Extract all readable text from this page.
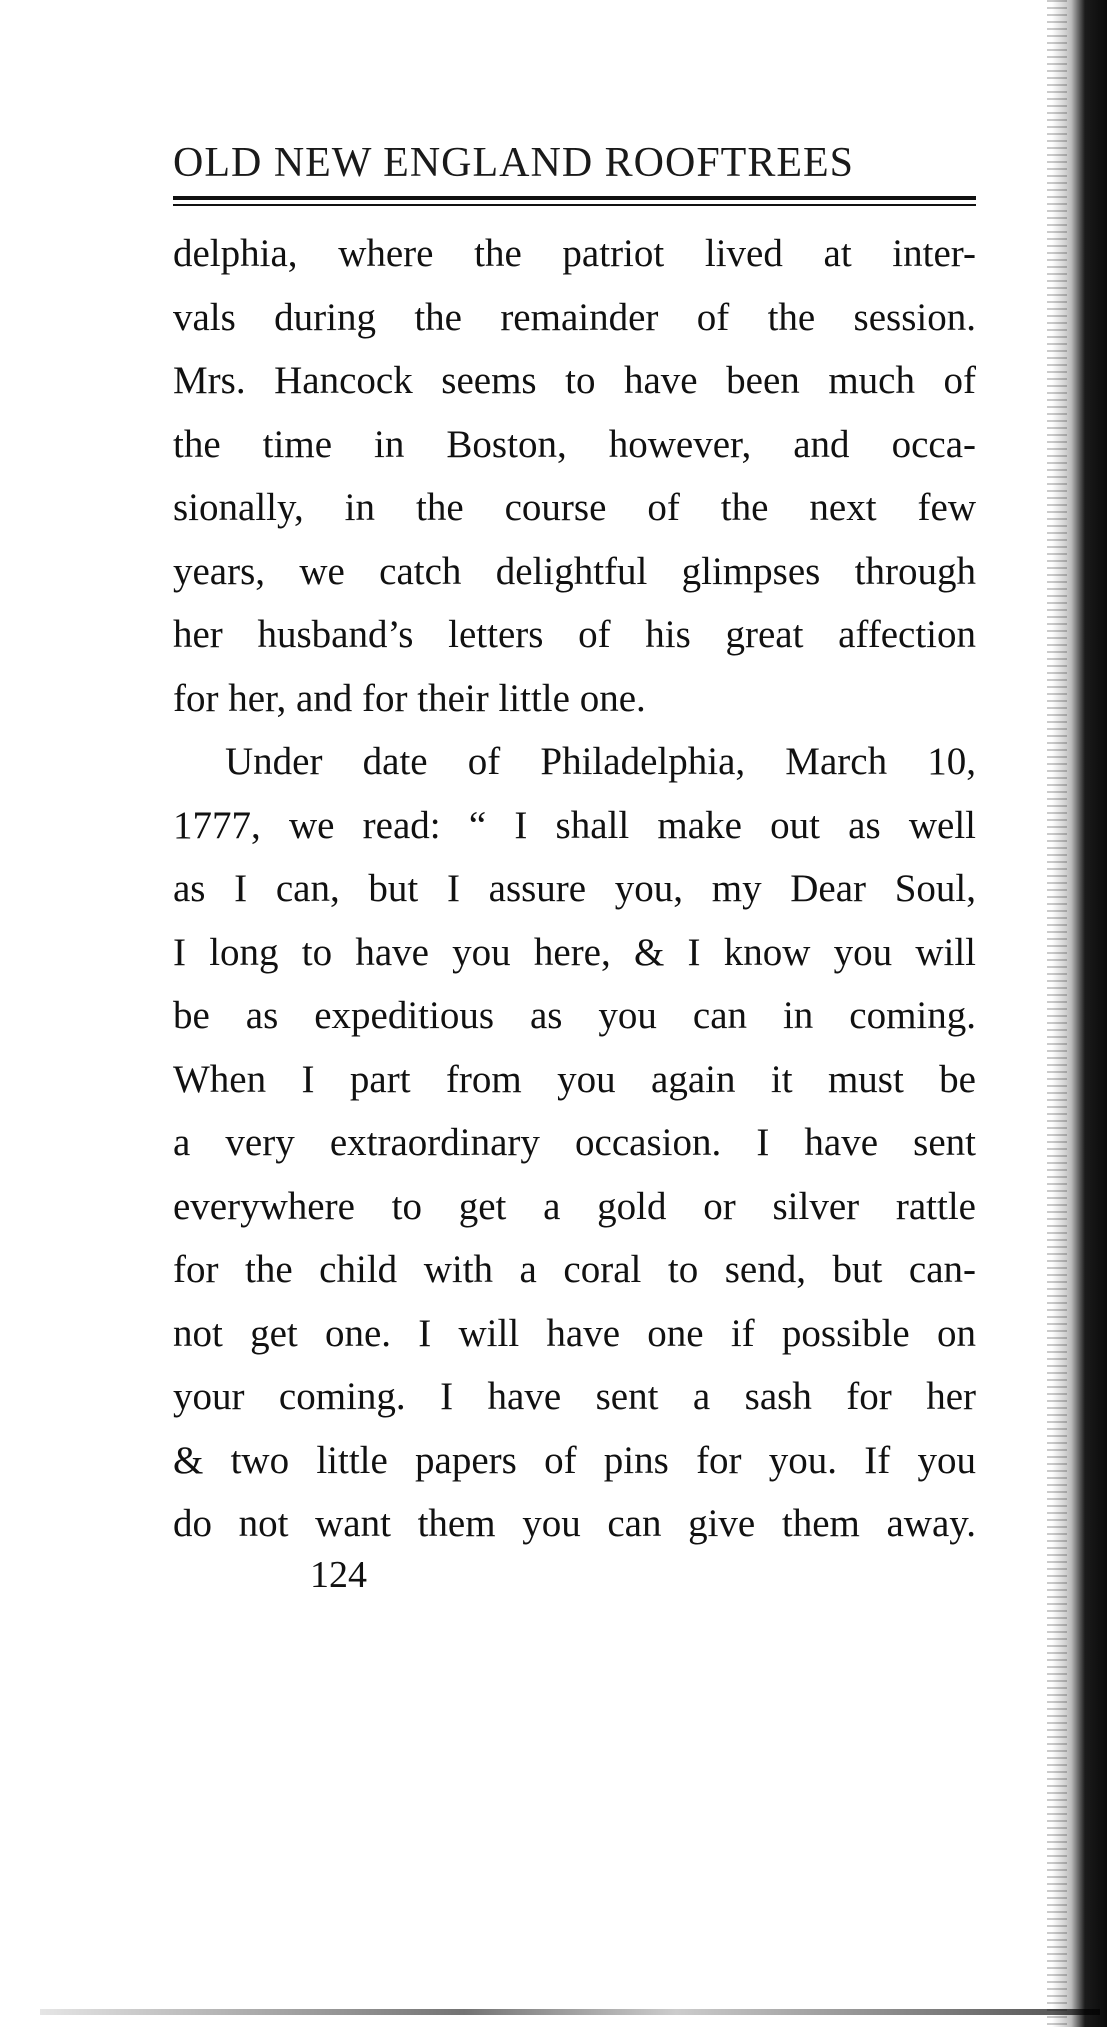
OLD NEW ENGLAND ROOFTREES
delphia, where the patriot lived at inter-
vals during the remainder of the session.
Mrs. Hancock seems to have been much of
the time in Boston, however, and occa-
sionally, in the course of the next few
years, we catch delightful glimpses through
her husband’s letters of his great affection
for her, and for their little one.
Under date of Philadelphia, March 10,
1777, we read: “ I shall make out as well
as I can, but I assure you, my Dear Soul,
I long to have you here, & I know you will
be as expeditious as you can in coming.
When I part from you again it must be
a very extraordinary occasion. I have sent
everywhere to get a gold or silver rattle
for the child with a coral to send, but can-
not get one. I will have one if possible on
your coming. I have sent a sash for her
& two little papers of pins for you. If you
do not want them you can give them away.
124
